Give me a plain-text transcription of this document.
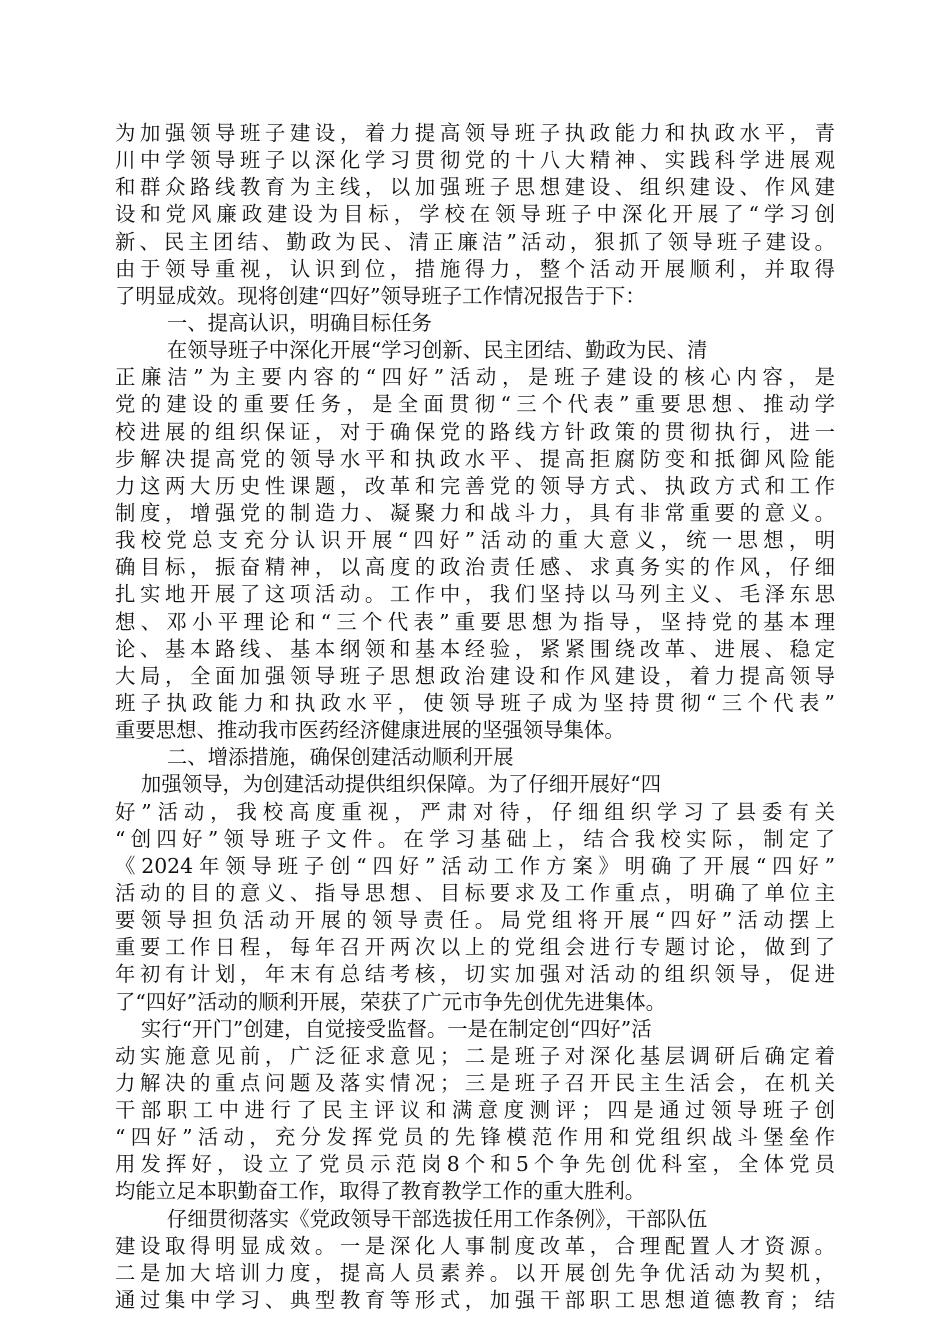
为加强领导班子建设，着力提高领导班子执政能力和执政水平，青
川中学领导班子以深化学习贯彻党的十八大精神、实践科学进展观
和群众路线教育为主线，以加强班子思想建设、组织建设、作风建
设和党风廉政建设为目标，学校在领导班子中深化开展了“学习创
新、民主团结、勤政为民、清正廉洁”活动，狠抓了领导班子建设。
由于领导重视，认识到位，措施得力，整个活动开展顺利，并取得
了明显成效。现将创建“四好”领导班子工作情况报告于下：
一、提高认识，明确目标任务
在领导班子中深化开展“学习创新、民主团结、勤政为民、清
正廉洁”为主要内容的“四好”活动，是班子建设的核心内容，是
党的建设的重要任务，是全面贯彻“三个代表”重要思想、推动学
校进展的组织保证，对于确保党的路线方针政策的贯彻执行，进一
步解决提高党的领导水平和执政水平、提高拒腐防变和抵御风险能
力这两大历史性课题，改革和完善党的领导方式、执政方式和工作
制度，增强党的制造力、凝聚力和战斗力，具有非常重要的意义。
我校党总支充分认识开展“四好”活动的重大意义，统一思想，明
确目标，振奋精神，以高度的政治责任感、求真务实的作风，仔细
扎实地开展了这项活动。工作中，我们坚持以马列主义、毛泽东思
想、邓小平理论和“三个代表”重要思想为指导，坚持党的基本理
论、基本路线、基本纲领和基本经验，紧紧围绕改革、进展、稳定
大局，全面加强领导班子思想政治建设和作风建设，着力提高领导
班子执政能力和执政水平，使领导班子成为坚持贯彻“三个代表”
重要思想、推动我市医药经济健康进展的坚强领导集体。
二、增添措施，确保创建活动顺利开展
加强领导，为创建活动提供组织保障。为了仔细开展好“四
好”活动，我校高度重视，严肃对待，仔细组织学习了县委有关
“创四好”领导班子文件。在学习基础上，结合我校实际，制定了
《2024年领导班子创“四好”活动工作方案》明确了开展“四好”
活动的目的意义、指导思想、目标要求及工作重点，明确了单位主
要领导担负活动开展的领导责任。局党组将开展“四好”活动摆上
重要工作日程，每年召开两次以上的党组会进行专题讨论，做到了
年初有计划，年末有总结考核，切实加强对活动的组织领导，促进
了“四好”活动的顺利开展，荣获了广元市争先创优先进集体。
实行“开门”创建，自觉接受监督。一是在制定创“四好”活
动实施意见前，广泛征求意见；二是班子对深化基层调研后确定着
力解决的重点问题及落实情况；三是班子召开民主生活会，在机关
干部职工中进行了民主评议和满意度测评；四是通过领导班子创
“四好”活动，充分发挥党员的先锋模范作用和党组织战斗堡垒作
用发挥好，设立了党员示范岗8个和5个争先创优科室，全体党员
均能立足本职勤奋工作，取得了教育教学工作的重大胜利。
仔细贯彻落实《党政领导干部选拔任用工作条例》，干部队伍
建设取得明显成效。一是深化人事制度改革，合理配置人才资源。
二是加大培训力度，提高人员素养。以开展创先争优活动为契机，
通过集中学习、典型教育等形式，加强干部职工思想道德教育；结
